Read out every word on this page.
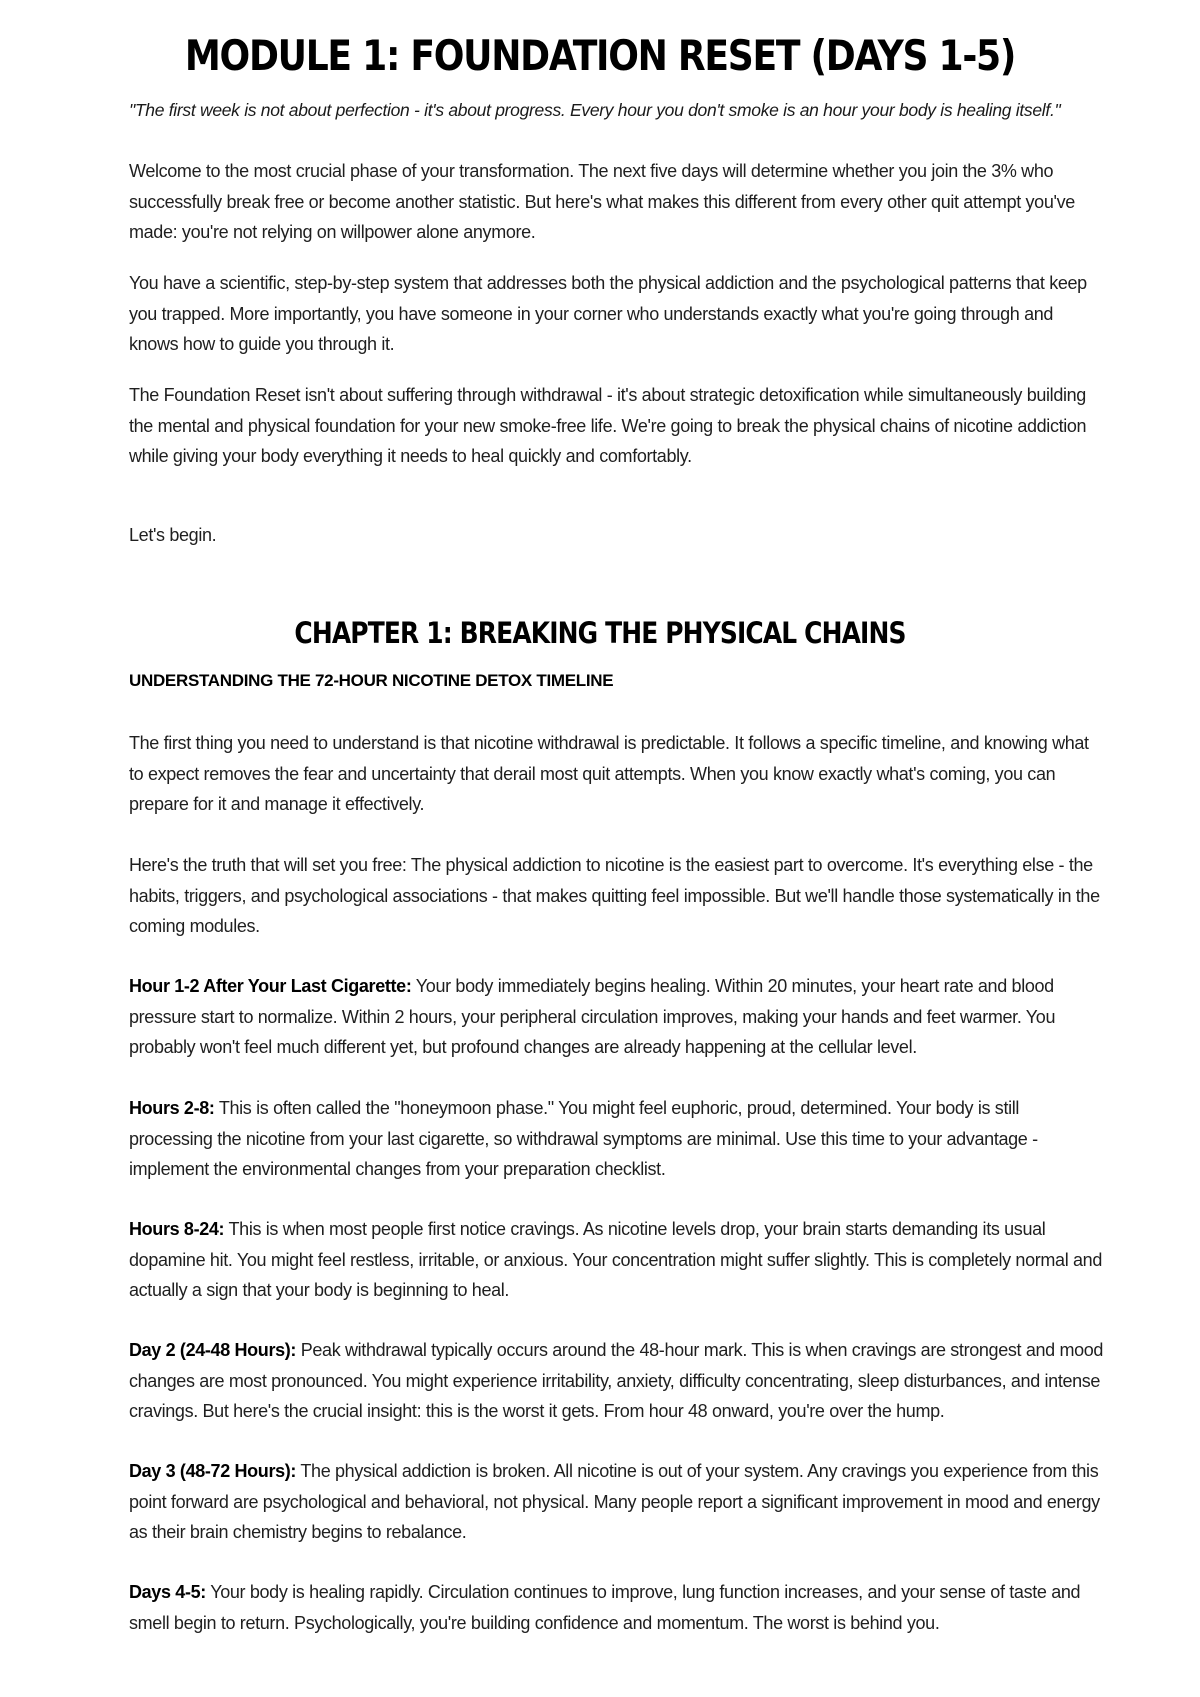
MODULE 1: FOUNDATION RESET (DAYS 1-5)

"The first week is not about perfection - it's about progress. Every hour you don't smoke is an hour your body is healing itself."

Welcome to the most crucial phase of your transformation. The next five days will determine whether you join the 3% who successfully break free or become another statistic. But here's what makes this different from every other quit attempt you've made: you're not relying on willpower alone anymore.

You have a scientific, step-by-step system that addresses both the physical addiction and the psychological patterns that keep you trapped. More importantly, you have someone in your corner who understands exactly what you're going through and knows how to guide you through it.

The Foundation Reset isn't about suffering through withdrawal - it's about strategic detoxification while simultaneously building the mental and physical foundation for your new smoke-free life. We're going to break the physical chains of nicotine addiction while giving your body everything it needs to heal quickly and comfortably.

Let's begin.

CHAPTER 1: BREAKING THE PHYSICAL CHAINS
UNDERSTANDING THE 72-HOUR NICOTINE DETOX TIMELINE

The first thing you need to understand is that nicotine withdrawal is predictable. It follows a specific timeline, and knowing what to expect removes the fear and uncertainty that derail most quit attempts. When you know exactly what's coming, you can prepare for it and manage it effectively.

Here's the truth that will set you free: The physical addiction to nicotine is the easiest part to overcome. It's everything else - the habits, triggers, and psychological associations - that makes quitting feel impossible. But we'll handle those systematically in the coming modules.

Hour 1-2 After Your Last Cigarette: Your body immediately begins healing. Within 20 minutes, your heart rate and blood pressure start to normalize. Within 2 hours, your peripheral circulation improves, making your hands and feet warmer. You probably won't feel much different yet, but profound changes are already happening at the cellular level.

Hours 2-8: This is often called the "honeymoon phase." You might feel euphoric, proud, determined. Your body is still processing the nicotine from your last cigarette, so withdrawal symptoms are minimal. Use this time to your advantage - implement the environmental changes from your preparation checklist.

Hours 8-24: This is when most people first notice cravings. As nicotine levels drop, your brain starts demanding its usual dopamine hit. You might feel restless, irritable, or anxious. Your concentration might suffer slightly. This is completely normal and actually a sign that your body is beginning to heal.

Day 2 (24-48 Hours): Peak withdrawal typically occurs around the 48-hour mark. This is when cravings are strongest and mood changes are most pronounced. You might experience irritability, anxiety, difficulty concentrating, sleep disturbances, and intense cravings. But here's the crucial insight: this is the worst it gets. From hour 48 onward, you're over the hump.

Day 3 (48-72 Hours): The physical addiction is broken. All nicotine is out of your system. Any cravings you experience from this point forward are psychological and behavioral, not physical. Many people report a significant improvement in mood and energy as their brain chemistry begins to rebalance.

Days 4-5: Your body is healing rapidly. Circulation continues to improve, lung function increases, and your sense of taste and smell begin to return. Psychologically, you're building confidence and momentum. The worst is behind you.
